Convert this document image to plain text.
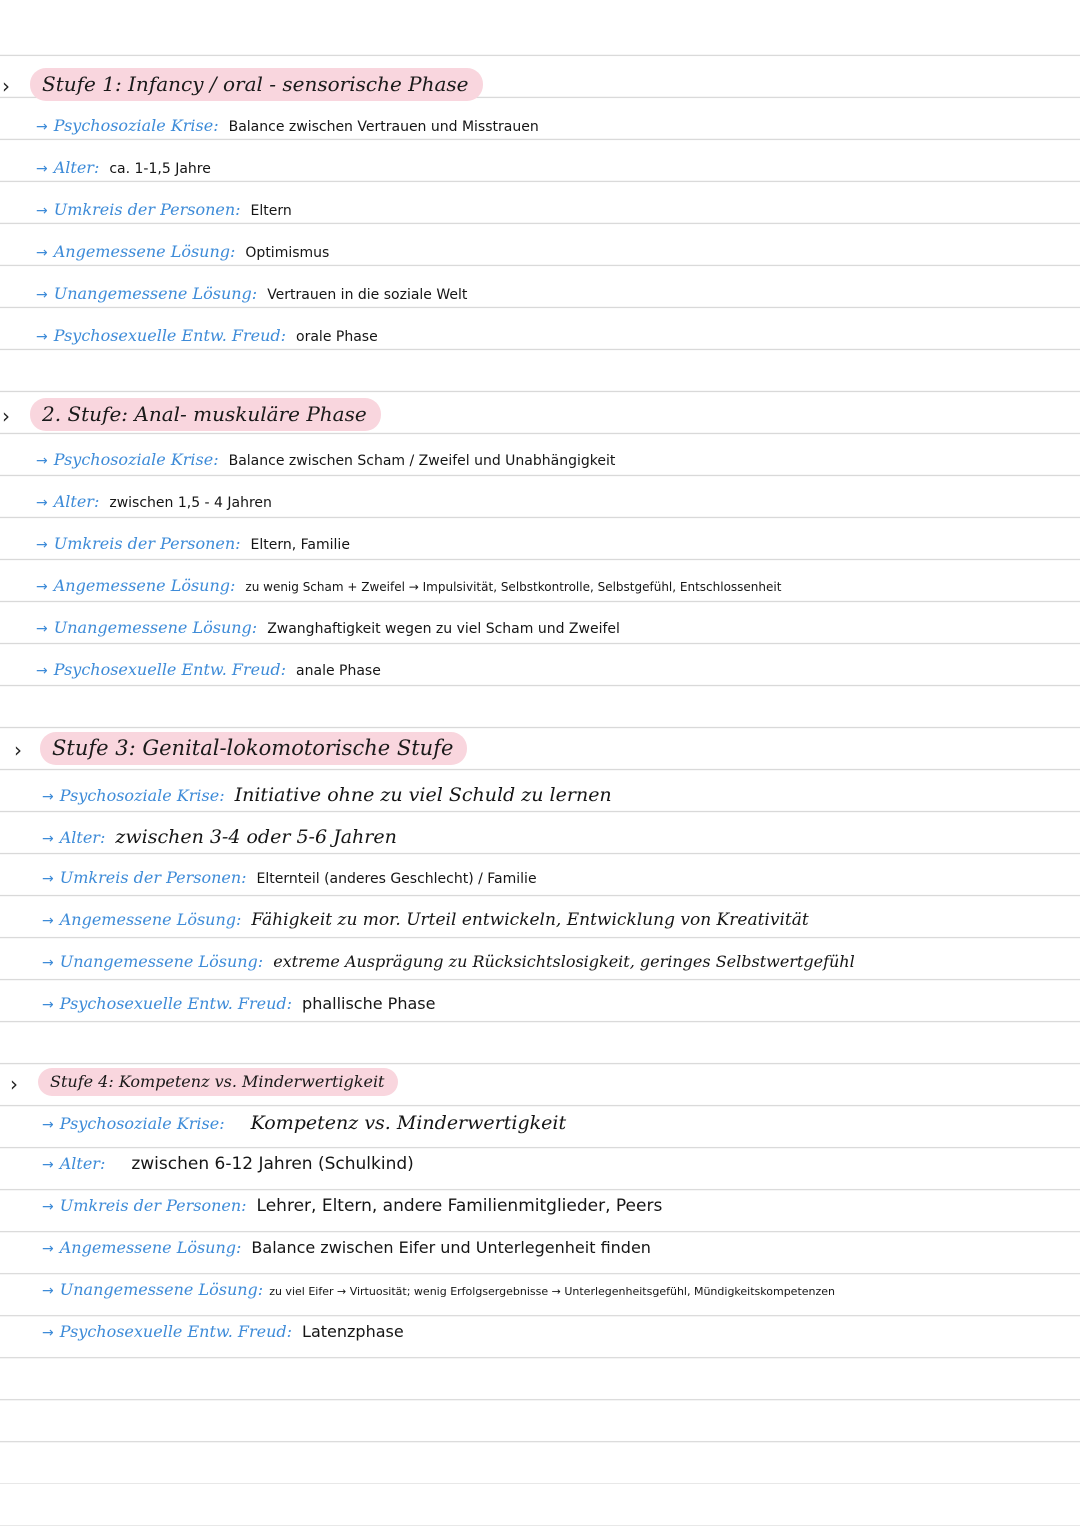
›	Stufe 1: Infancy / oral - sensorische Phase
→ Psychosoziale Krise: Balance zwischen Vertrauen und Misstrauen
→ Alter: ca. 1-1,5 Jahre
→ Umkreis der Personen: Eltern
→ Angemessene Lösung: Optimismus
→ Unangemessene Lösung: Vertrauen in die soziale Welt
→ Psychosexuelle Entw. Freud: orale Phase
›	2. Stufe: Anal- muskuläre Phase
→ Psychosoziale Krise: Balance zwischen Scham / Zweifel und Unabhängigkeit
→ Alter: zwischen 1,5 - 4 Jahren
→ Umkreis der Personen: Eltern, Familie
→ Angemessene Lösung: zu wenig Scham + Zweifel → Impulsivität, Selbstkontrolle, Selbstgefühl, Entschlossenheit
→ Unangemessene Lösung: Zwanghaftigkeit wegen zu viel Scham und Zweifel
→ Psychosexuelle Entw. Freud: anale Phase
›	Stufe 3: Genital-lokomotorische Stufe
→ Psychosoziale Krise: Initiative ohne zu viel Schuld zu lernen
→ Alter: zwischen 3-4 oder 5-6 Jahren
→ Umkreis der Personen: Elternteil (anderes Geschlecht) / Familie
→ Angemessene Lösung: Fähigkeit zu mor. Urteil entwickeln, Entwicklung von Kreativität
→ Unangemessene Lösung: extreme Ausprägung zu Rücksichtslosigkeit, geringes Selbstwertgefühl
→ Psychosexuelle Entw. Freud: phallische Phase
›	Stufe 4: Kompetenz vs. Minderwertigkeit
→ Psychosoziale Krise: Kompetenz vs. Minderwertigkeit
→ Alter: zwischen 6-12 Jahren (Schulkind)
→ Umkreis der Personen: Lehrer, Eltern, andere Familienmitglieder, Peers
→ Angemessene Lösung: Balance zwischen Eifer und Unterlegenheit finden
→ Unangemessene Lösung: zu viel Eifer → Virtuosität; wenig Erfolgsergebnisse → Unterlegenheitsgefühl, Mündigkeitskompetenzen
→ Psychosexuelle Entw. Freud: Latenzphase
